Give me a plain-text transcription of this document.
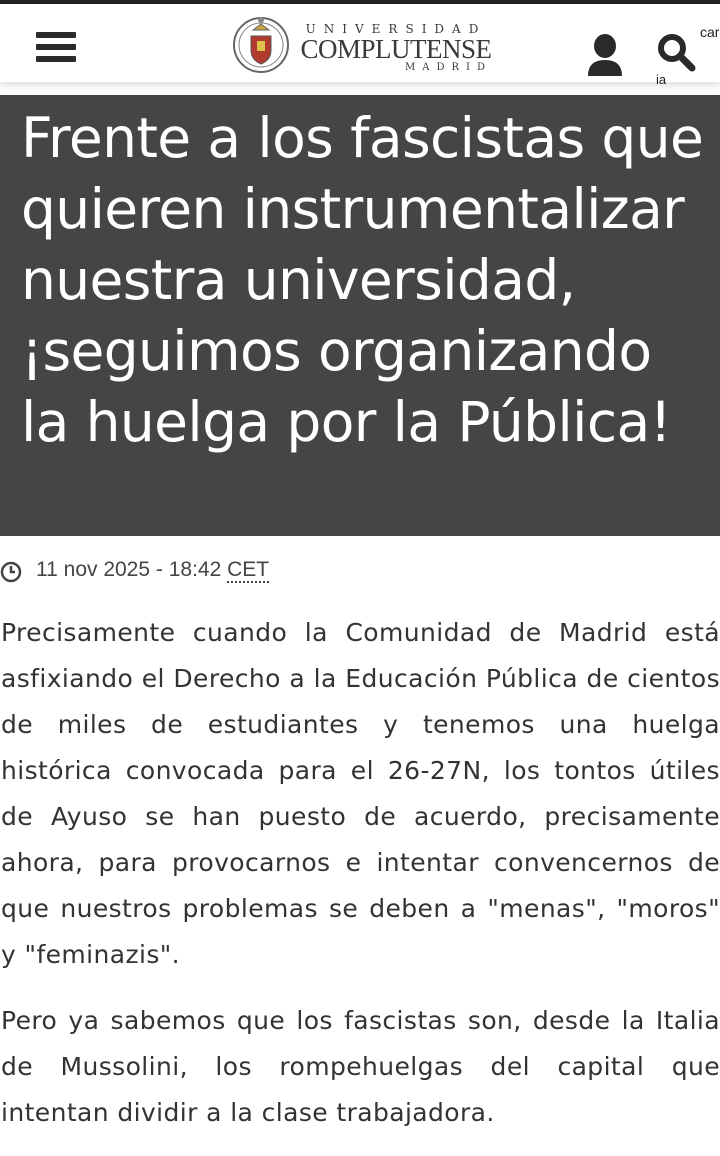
UNIVERSIDAD
COMPLUTENSE
MADRID
car
ia
Frente a los fascistas que quieren instrumentalizar nuestra universidad, ¡seguimos organizando la huelga por la Pública!
11 nov 2025 - 18:42 CET

Precisamente cuando la Comunidad de Madrid está asfixiando el Derecho a la Educación Pública de cientos de miles de estudiantes y tenemos una huelga histórica convocada para el 26-27N, los tontos útiles de Ayuso se han puesto de acuerdo, precisamente ahora, para provocarnos e intentar convencernos de que nuestros problemas se deben a "menas", "moros" y "feminazis".

Pero ya sabemos que los fascistas son, desde la Italia de Mussolini, los rompehuelgas del capital que intentan dividir a la clase trabajadora.
